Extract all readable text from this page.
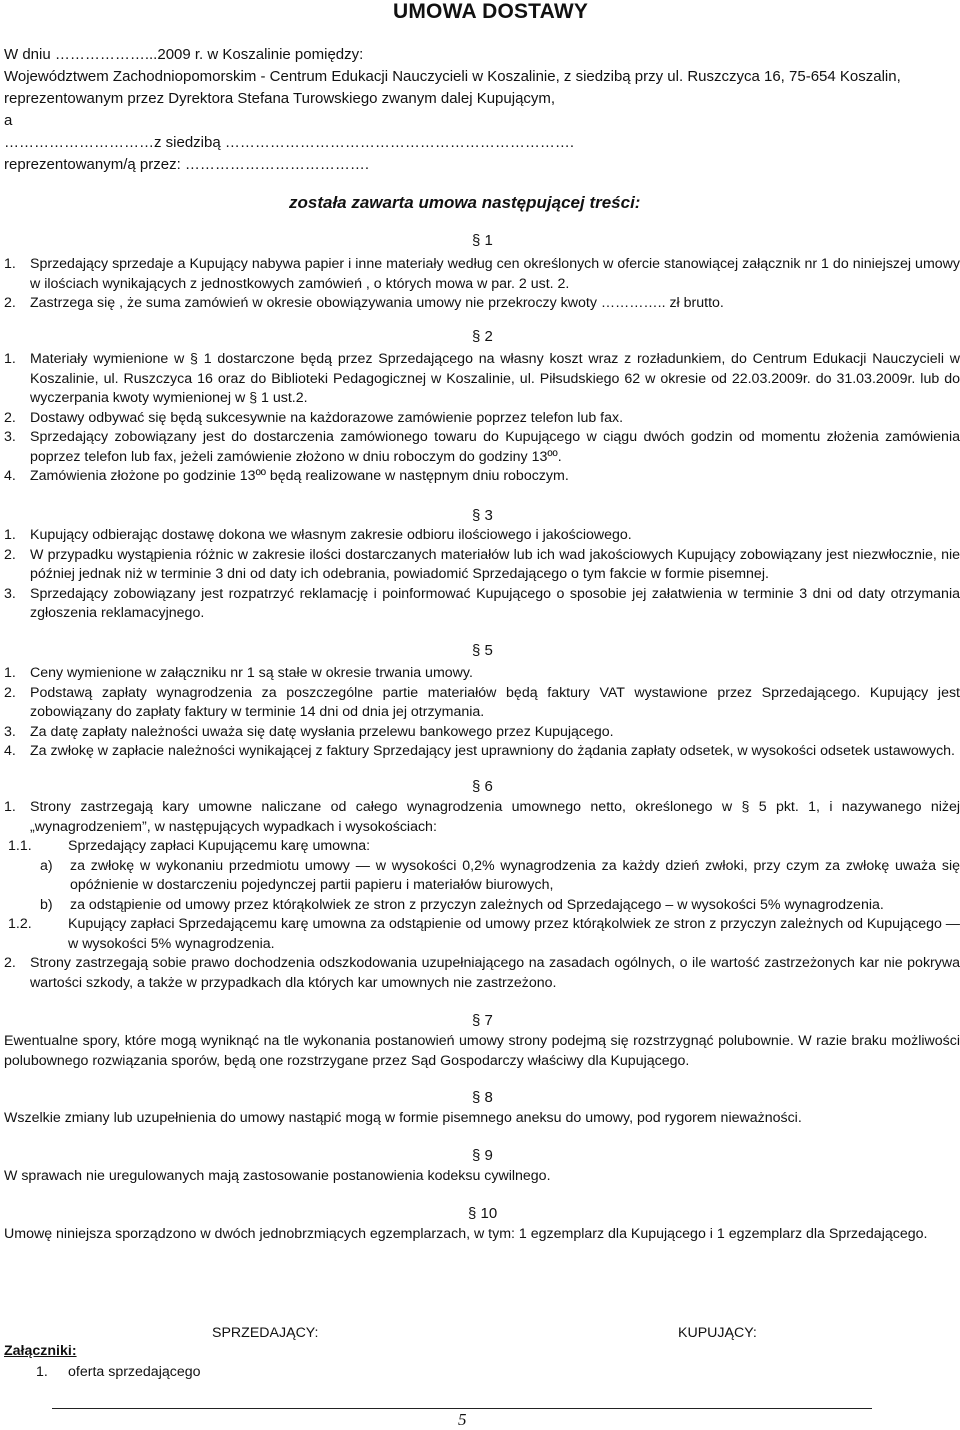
UMOWA DOSTAWY
W dniu ………………...2009 r. w Koszalinie pomiędzy:
Województwem Zachodniopomorskim - Centrum Edukacji Nauczycieli w Koszalinie, z siedzibą przy ul. Ruszczyca 16, 75-654 Koszalin,
reprezentowanym przez Dyrektora Stefana Turowskiego zwanym dalej Kupującym,
a
…………………………z siedzibą …………………………………………………………….
reprezentowanym/ą przez: ……………………………….
została zawarta umowa następującej treści:
§ 1
1. Sprzedający sprzedaje a Kupujący nabywa papier i inne materiały według cen określonych w ofercie stanowiącej załącznik nr 1 do niniejszej umowy w ilościach wynikających z jednostkowych zamówień , o których mowa w par. 2 ust. 2.
2. Zastrzega się , że suma zamówień w okresie obowiązywania umowy nie przekroczy kwoty ………….. zł brutto.
§ 2
1. Materiały wymienione w § 1 dostarczone będą przez Sprzedającego na własny koszt wraz z rozładunkiem, do Centrum Edukacji Nauczycieli w Koszalinie, ul. Ruszczyca 16 oraz do Biblioteki Pedagogicznej w Koszalinie, ul. Piłsudskiego 62 w okresie od 22.03.2009r. do 31.03.2009r. lub do wyczerpania kwoty wymienionej w § 1 ust.2.
2. Dostawy odbywać się będą sukcesywnie na każdorazowe zamówienie poprzez telefon lub fax.
3. Sprzedający zobowiązany jest do dostarczenia zamówionego towaru do Kupującego w ciągu dwóch godzin od momentu złożenia zamówienia poprzez telefon lub fax, jeżeli zamówienie złożono w dniu roboczym do godziny 13ºº.
4. Zamówienia złożone po godzinie 13ºº będą realizowane w następnym dniu roboczym.
§ 3
1. Kupujący odbierając dostawę dokona we własnym zakresie odbioru ilościowego i jakościowego.
2. W przypadku wystąpienia różnic w zakresie ilości dostarczanych materiałów lub ich wad jakościowych Kupujący zobowiązany jest niezwłocznie, nie później jednak niż w terminie 3 dni od daty ich odebrania, powiadomić Sprzedającego o tym fakcie w formie pisemnej.
3. Sprzedający zobowiązany jest rozpatrzyć reklamację i poinformować Kupującego o sposobie jej załatwienia w terminie 3 dni od daty otrzymania zgłoszenia reklamacyjnego.
§ 5
1. Ceny wymienione w załączniku nr 1 są stałe w okresie trwania umowy.
2. Podstawą zapłaty wynagrodzenia za poszczególne partie materiałów będą faktury VAT wystawione przez Sprzedającego. Kupujący jest zobowiązany do zapłaty faktury w terminie 14 dni od dnia jej otrzymania.
3. Za datę zapłaty należności uważa się datę wysłania przelewu bankowego przez Kupującego.
4. Za zwłokę w zapłacie należności wynikającej z faktury Sprzedający jest uprawniony do żądania zapłaty odsetek, w wysokości odsetek ustawowych.
§ 6
1. Strony zastrzegają kary umowne naliczane od całego wynagrodzenia umownego netto, określonego w § 5 pkt. 1, i nazywanego niżej „wynagrodzeniem”, w następujących wypadkach i wysokościach:
1.1.	Sprzedający zapłaci Kupującemu karę umowna:
a)	za zwłokę w wykonaniu przedmiotu umowy — w wysokości 0,2% wynagrodzenia za każdy dzień zwłoki, przy czym za zwłokę uważa się opóźnienie w dostarczeniu pojedynczej partii papieru i materiałów biurowych,
b)	za odstąpienie od umowy przez którąkolwiek ze stron z przyczyn zależnych od Sprzedającego – w wysokości 5% wynagrodzenia.
1.2.	Kupujący zapłaci Sprzedającemu karę umowna za odstąpienie od umowy przez którąkolwiek ze stron z przyczyn zależnych od Kupującego — w wysokości 5% wynagrodzenia.
2. Strony zastrzegają sobie prawo dochodzenia odszkodowania uzupełniającego na zasadach ogólnych, o ile wartość zastrzeżonych kar nie pokrywa wartości szkody, a także w przypadkach dla których kar umownych nie zastrzeżono.
§ 7
Ewentualne spory, które mogą wyniknąć na tle wykonania postanowień umowy strony podejmą się rozstrzygnąć polubownie. W razie braku możliwości polubownego rozwiązania sporów, będą one rozstrzygane przez Sąd Gospodarczy właściwy dla Kupującego.
§ 8
Wszelkie zmiany lub uzupełnienia do umowy nastąpić mogą w formie pisemnego aneksu do umowy, pod rygorem nieważności.
§ 9
W sprawach nie uregulowanych mają zastosowanie postanowienia kodeksu cywilnego.
§ 10
Umowę niniejsza sporządzono w dwóch jednobrzmiących egzemplarzach, w tym: 1 egzemplarz dla Kupującego i 1 egzemplarz dla Sprzedającego.
SPRZEDAJĄCY:	KUPUJĄCY:
Załączniki:
1.	oferta sprzedającego
5
